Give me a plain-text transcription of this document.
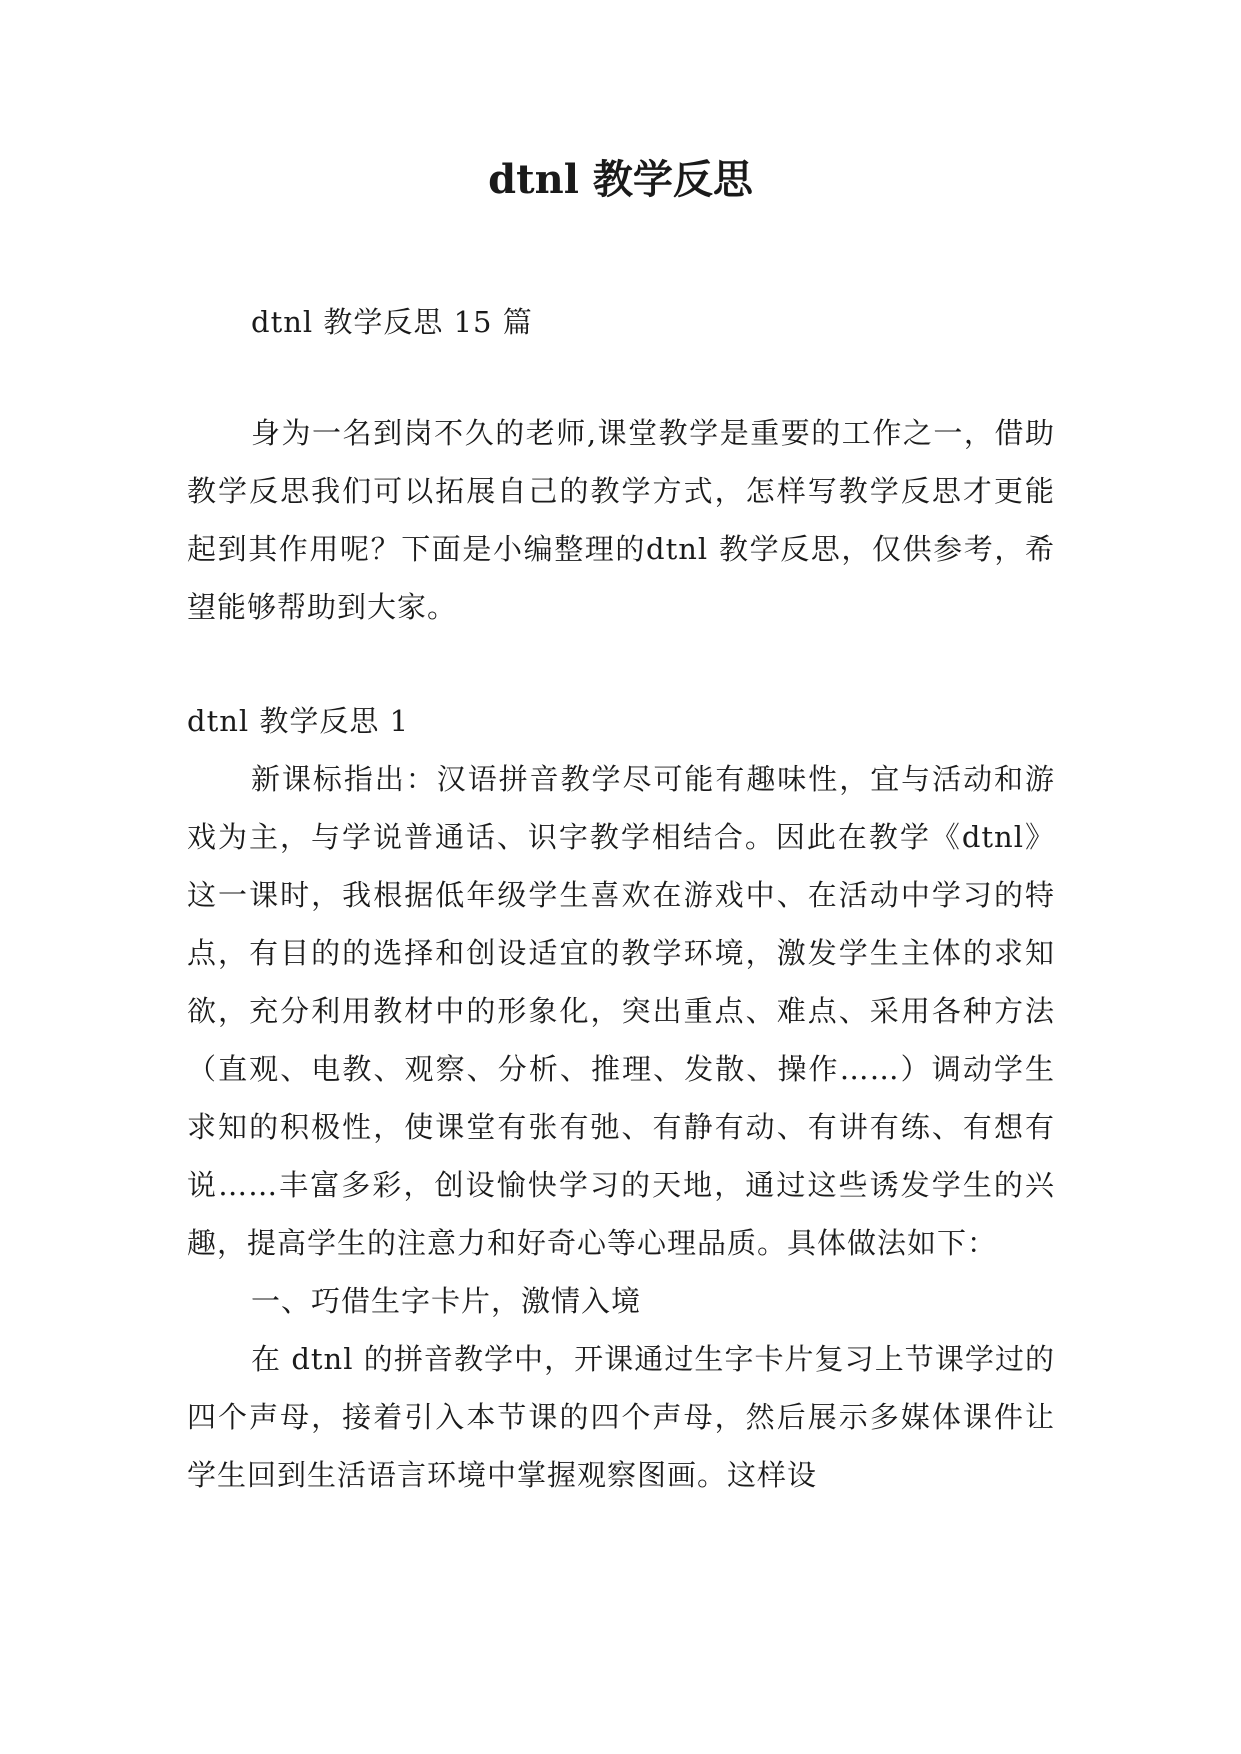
dtnl 教学反思

dtnl 教学反思 15 篇

身为一名到岗不久的老师,课堂教学是重要的工作之一，借助教学反思我们可以拓展自己的教学方式，怎样写教学反思才更能起到其作用呢？下面是小编整理的dtnl 教学反思，仅供参考，希望能够帮助到大家。

dtnl 教学反思 1

新课标指出：汉语拼音教学尽可能有趣味性，宜与活动和游戏为主，与学说普通话、识字教学相结合。因此在教学《dtnl》这一课时，我根据低年级学生喜欢在游戏中、在活动中学习的特点，有目的的选择和创设适宜的教学环境，激发学生主体的求知欲，充分利用教材中的形象化，突出重点、难点、采用各种方法（直观、电教、观察、分析、推理、发散、操作……）调动学生求知的积极性，使课堂有张有弛、有静有动、有讲有练、有想有说……丰富多彩，创设愉快学习的天地，通过这些诱发学生的兴趣，提高学生的注意力和好奇心等心理品质。具体做法如下：

一、巧借生字卡片，激情入境

在 dtnl 的拼音教学中，开课通过生字卡片复习上节课学过的四个声母，接着引入本节课的四个声母，然后展示多媒体课件让学生回到生活语言环境中掌握观察图画。这样设
